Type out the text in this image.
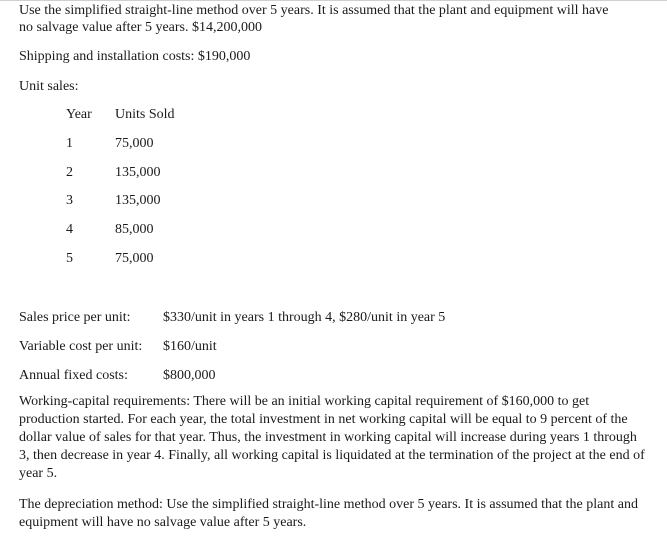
Use the simplified straight-line method over 5 years. It is assumed that the plant and equipment will have
no salvage value after 5 years. $14,200,000
Shipping and installation costs: $190,000
Unit sales:
Year Units Sold
1	75,000
2	135,000
3	135,000
4	85,000
5	75,000
Sales price per unit: $330/unit in years 1 through 4, $280/unit in year 5
Variable cost per unit: $160/unit
Annual fixed costs:	$800,000
Working-capital requirements: There will be an initial working capital requirement of $160,000 to get production started. For each year, the total investment in net working capital will be equal to 9 percent of the dollar value of sales for that year. Thus, the investment in working capital will increase during years 1 through 3, then decrease in year 4. Finally, all working capital is liquidated at the termination of the project at the end of year 5.
The depreciation method: Use the simplified straight-line method over 5 years. It is assumed that the plant and equipment will have no salvage value after 5 years.
